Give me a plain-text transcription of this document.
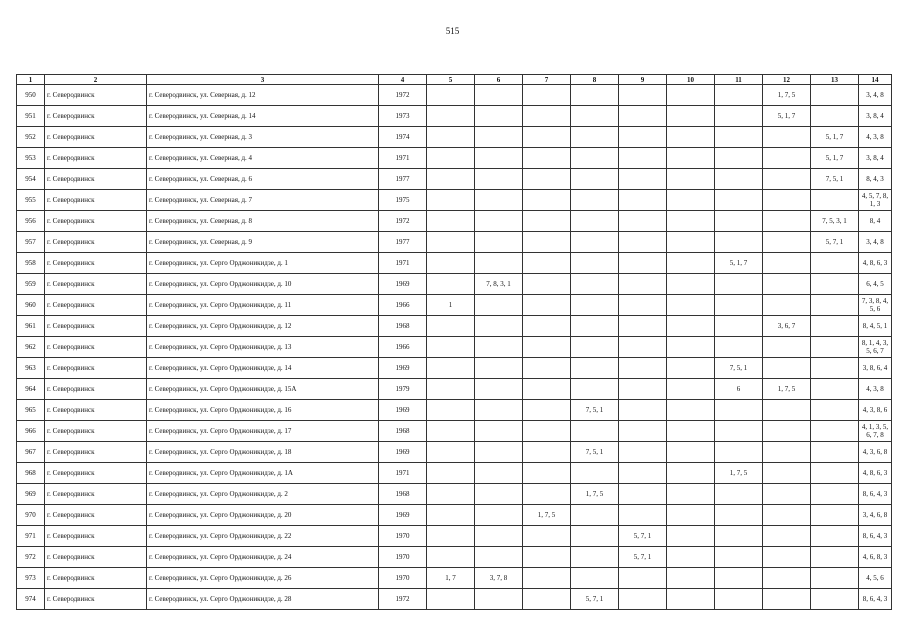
515
1	2	3	4	5	6	7	8	9	10	11	12	13	14
950	г. Северодвинск	г. Северодвинск, ул. Северная, д. 12	1972								1, 7, 5		3, 4, 8
951	г. Северодвинск	г. Северодвинск, ул. Северная, д. 14	1973								5, 1, 7		3, 8, 4
952	г. Северодвинск	г. Северодвинск, ул. Северная, д. 3	1974									5, 1, 7	4, 3, 8
953	г. Северодвинск	г. Северодвинск, ул. Северная, д. 4	1971									5, 1, 7	3, 8, 4
954	г. Северодвинск	г. Северодвинск, ул. Северная, д. 6	1977									7, 5, 1	8, 4, 3
955	г. Северодвинск	г. Северодвинск, ул. Северная, д. 7	1975										4, 5, 7, 8, 1, 3
956	г. Северодвинск	г. Северодвинск, ул. Северная, д. 8	1972									7, 5, 3, 1	8, 4
957	г. Северодвинск	г. Северодвинск, ул. Северная, д. 9	1977									5, 7, 1	3, 4, 8
958	г. Северодвинск	г. Северодвинск, ул. Серго Орджоникидзе, д. 1	1971							5, 1, 7			4, 8, 6, 3
959	г. Северодвинск	г. Северодвинск, ул. Серго Орджоникидзе, д. 10	1969		7, 8, 3, 1								6, 4, 5
960	г. Северодвинск	г. Северодвинск, ул. Серго Орджоникидзе, д. 11	1966	1									7, 3, 8, 4, 5, 6
961	г. Северодвинск	г. Северодвинск, ул. Серго Орджоникидзе, д. 12	1968								3, 6, 7		8, 4, 5, 1
962	г. Северодвинск	г. Северодвинск, ул. Серго Орджоникидзе, д. 13	1966										8, 1, 4, 3, 5, 6, 7
963	г. Северодвинск	г. Северодвинск, ул. Серго Орджоникидзе, д. 14	1969							7, 5, 1			3, 8, 6, 4
964	г. Северодвинск	г. Северодвинск, ул. Серго Орджоникидзе, д. 15А	1979							6	1, 7, 5		4, 3, 8
965	г. Северодвинск	г. Северодвинск, ул. Серго Орджоникидзе, д. 16	1969				7, 5, 1						4, 3, 8, 6
966	г. Северодвинск	г. Северодвинск, ул. Серго Орджоникидзе, д. 17	1968										4, 1, 3, 5, 6, 7, 8
967	г. Северодвинск	г. Северодвинск, ул. Серго Орджоникидзе, д. 18	1969				7, 5, 1						4, 3, 6, 8
968	г. Северодвинск	г. Северодвинск, ул. Серго Орджоникидзе, д. 1А	1971							1, 7, 5			4, 8, 6, 3
969	г. Северодвинск	г. Северодвинск, ул. Серго Орджоникидзе, д. 2	1968				1, 7, 5						8, 6, 4, 3
970	г. Северодвинск	г. Северодвинск, ул. Серго Орджоникидзе, д. 20	1969			1, 7, 5							3, 4, 6, 8
971	г. Северодвинск	г. Северодвинск, ул. Серго Орджоникидзе, д. 22	1970					5, 7, 1					8, 6, 4, 3
972	г. Северодвинск	г. Северодвинск, ул. Серго Орджоникидзе, д. 24	1970					5, 7, 1					4, 6, 8, 3
973	г. Северодвинск	г. Северодвинск, ул. Серго Орджоникидзе, д. 26	1970	1, 7	3, 7, 8								4, 5, 6
974	г. Северодвинск	г. Северодвинск, ул. Серго Орджоникидзе, д. 28	1972				5, 7, 1						8, 6, 4, 3
